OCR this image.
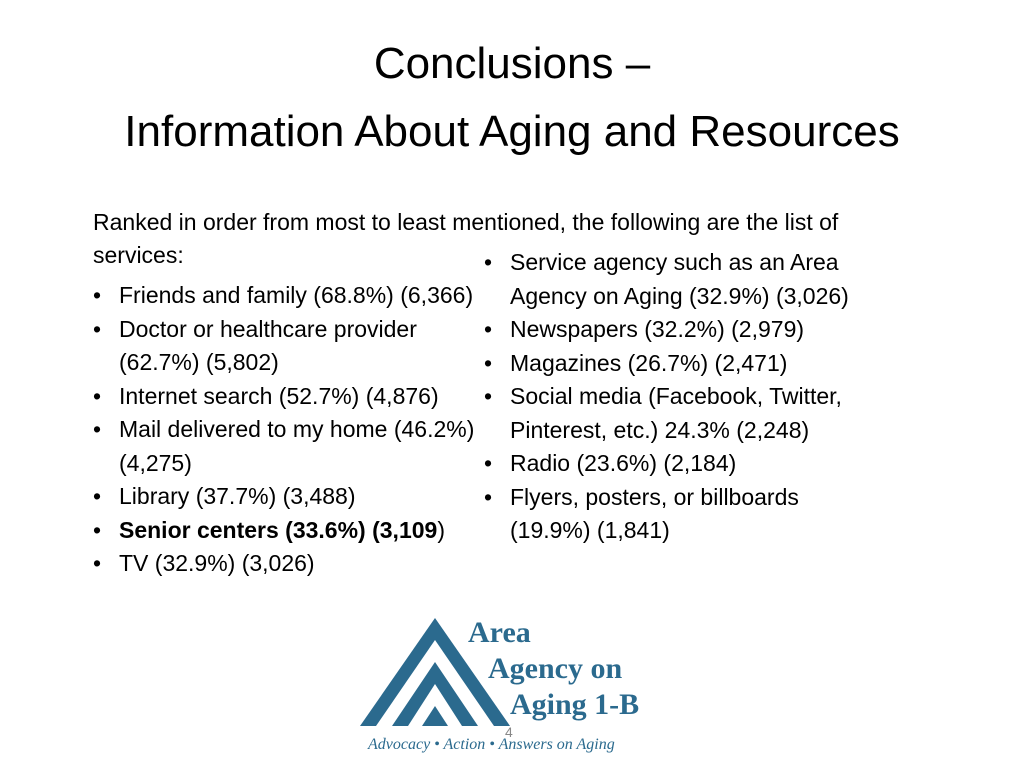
Conclusions –
Information About Aging and Resources
Ranked in order from most to least mentioned, the following are the list of services:
• Friends and family (68.8%) (6,366)
• Doctor or healthcare provider (62.7%) (5,802)
• Internet search (52.7%) (4,876)
• Mail delivered to my home (46.2%) (4,275)
• Library (37.7%) (3,488)
• Senior centers (33.6%) (3,109)
• TV (32.9%) (3,026)
• Service agency such as an Area Agency on Aging (32.9%) (3,026)
• Newspapers (32.2%) (2,979)
• Magazines (26.7%) (2,471)
• Social media (Facebook, Twitter, Pinterest, etc.) 24.3% (2,248)
• Radio (23.6%) (2,184)
• Flyers, posters, or billboards (19.9%) (1,841)
Area
Agency on
Aging 1-B
Advocacy • Action • Answers on Aging
4
